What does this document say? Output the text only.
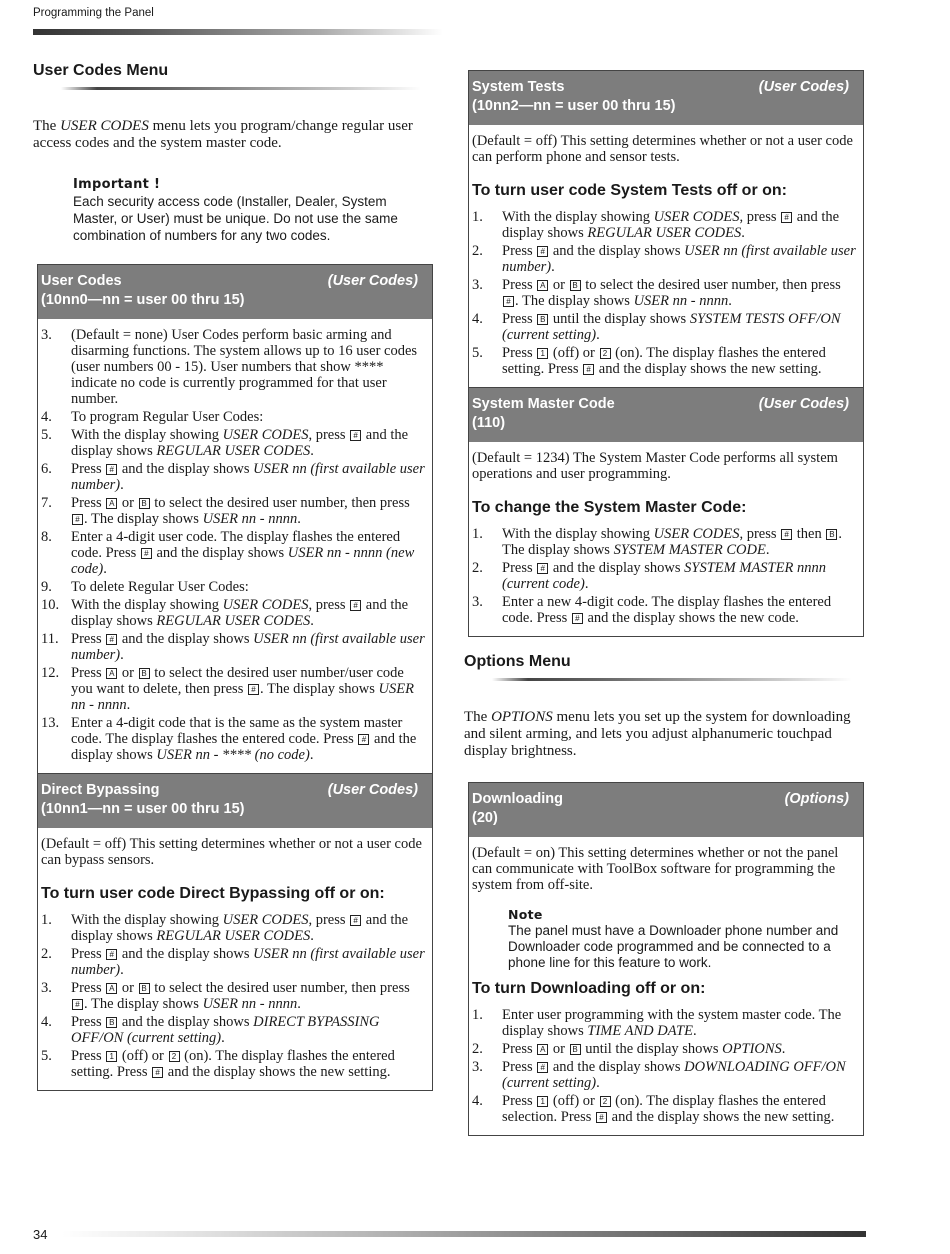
Programming the Panel
User Codes Menu

The USER CODES menu lets you program/change regular user access codes and the system master code.

Important !
Each security access code (Installer, Dealer, System Master, or User) must be unique. Do not use the same combination of numbers for any two codes.
User Codes	(User Codes)
(10nn0—nn = user 00 thru 15)
3.	(Default = none) User Codes perform basic arming and disarming functions. The system allows up to 16 user codes (user numbers 00 - 15). User numbers that show **** indicate no code is currently programmed for that user number.
4.	To program Regular User Codes:
5.	With the display showing USER CODES, press # and the display shows REGULAR USER CODES.
6.	Press # and the display shows USER nn (first available user number).
7.	Press A or B to select the desired user number, then press # . The display shows USER nn - nnnn.
8.	Enter a 4-digit user code. The display flashes the entered code. Press # and the display shows USER nn - nnnn (new code).
9.	To delete Regular User Codes:
10. With the display showing USER CODES, press # and the display shows REGULAR USER CODES.
11. Press # and the display shows USER nn (first available user number).
12. Press A or B to select the desired user number/user code you want to delete, then press # . The display shows USER nn - nnnn.
13. Enter a 4-digit code that is the same as the system master code. The display flashes the entered code. Press # and the display shows USER nn - **** (no code).
Direct Bypassing	(User Codes)
(10nn1—nn = user 00 thru 15)

(Default = off) This setting determines whether or not a user code can bypass sensors.

To turn user code Direct Bypassing off or on:
1.	With the display showing USER CODES, press # and the display shows REGULAR USER CODES.
2.	Press # and the display shows USER nn (first available user number).
3.	Press A or B to select the desired user number, then press # . The display shows USER nn - nnnn.
4.	Press B and the display shows DIRECT BYPASSING OFF/ON (current setting).
5.	Press 1 (off) or 2 (on). The display flashes the entered setting. Press # and the display shows the new setting.
System Tests	(User Codes)
(10nn2—nn = user 00 thru 15)

(Default = off) This setting determines whether or not a user code can perform phone and sensor tests.

To turn user code System Tests off or on:
1.	With the display showing USER CODES, press # and the display shows REGULAR USER CODES.
2.	Press # and the display shows USER nn (first available user number).
3.	Press A or B to select the desired user number, then press # . The display shows USER nn - nnnn.
4.	Press B until the display shows SYSTEM TESTS OFF/ON (current setting).
5.	Press 1 (off) or 2 (on). The display flashes the entered setting. Press # and the display shows the new setting.
System Master Code	(User Codes)
(110)

(Default = 1234) The System Master Code performs all system operations and user programming.

To change the System Master Code:
1.	With the display showing USER CODES, press # then B . The display shows SYSTEM MASTER CODE.
2.	Press # and the display shows SYSTEM MASTER nnnn (current code).
3.	Enter a new 4-digit code. The display flashes the entered code. Press # and the display shows the new code.
Options Menu

The OPTIONS menu lets you set up the system for downloading and silent arming, and lets you adjust alphanumeric touchpad display brightness.

Downloading	(Options)
(20)

(Default = on) This setting determines whether or not the panel can communicate with ToolBox software for programming the system from off-site.

Note
The panel must have a Downloader phone number and Downloader code programmed and be connected to a phone line for this feature to work.
To turn Downloading off or on:
1.	Enter user programming with the system master code. The display shows TIME AND DATE.
2.	Press A or B until the display shows OPTIONS.
3.	Press # and the display shows DOWNLOADING OFF/ON (current setting).
4.	Press 1 (off) or 2 (on). The display flashes the entered selection. Press # and the display shows the new setting.
34
